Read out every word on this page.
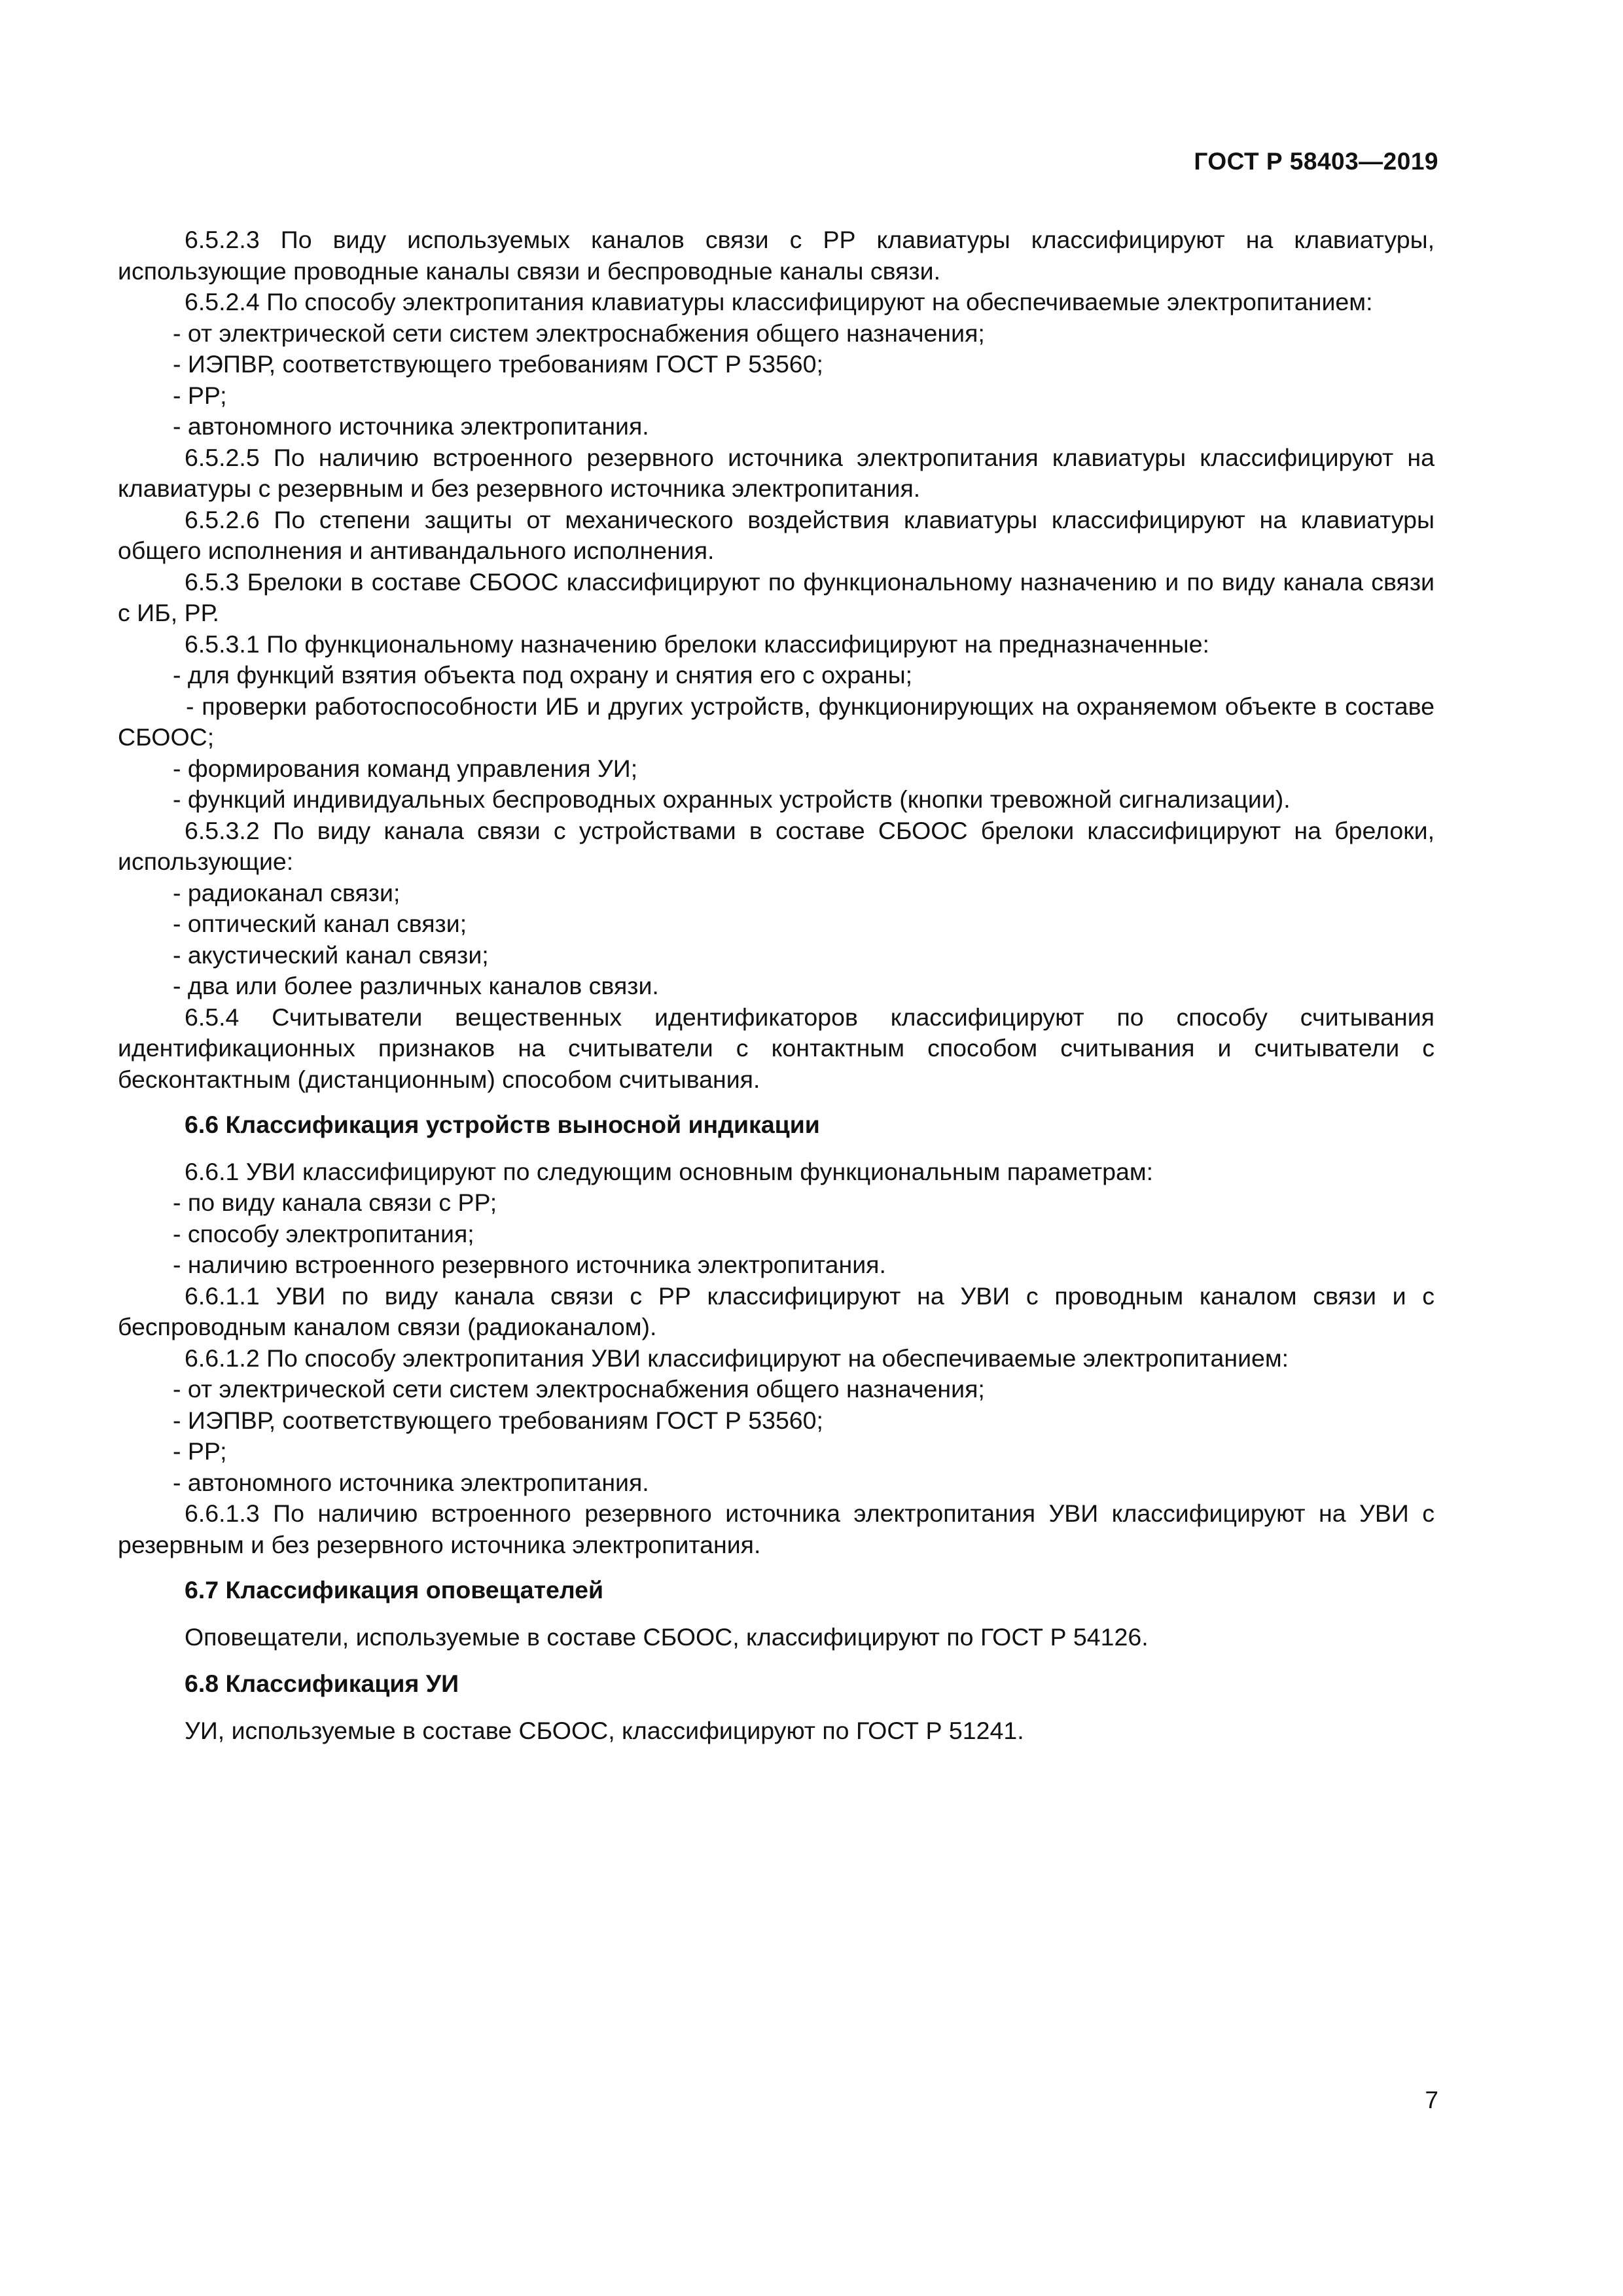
ГОСТ Р 58403—2019

6.5.2.3 По виду используемых каналов связи с РР клавиатуры классифицируют на клавиатуры, использующие проводные каналы связи и беспроводные каналы связи.

6.5.2.4 По способу электропитания клавиатуры классифицируют на обеспечиваемые электропитанием:

- от электрической сети систем электроснабжения общего назначения;

- ИЭПВР, соответствующего требованиям ГОСТ Р 53560;

- РР;

- автономного источника электропитания.

6.5.2.5 По наличию встроенного резервного источника электропитания клавиатуры классифицируют на клавиатуры с резервным и без резервного источника электропитания.

6.5.2.6 По степени защиты от механического воздействия клавиатуры классифицируют на клавиатуры общего исполнения и антивандального исполнения.

6.5.3 Брелоки в составе СБООС классифицируют по функциональному назначению и по виду канала связи с ИБ, РР.

6.5.3.1 По функциональному назначению брелоки классифицируют на предназначенные:

- для функций взятия объекта под охрану и снятия его с охраны;

- проверки работоспособности ИБ и других устройств, функционирующих на охраняемом объекте в составе СБООС;

- формирования команд управления УИ;

- функций индивидуальных беспроводных охранных устройств (кнопки тревожной сигнализации).

6.5.3.2 По виду канала связи с устройствами в составе СБООС брелоки классифицируют на брелоки, использующие:

- радиоканал связи;

- оптический канал связи;

- акустический канал связи;

- два или более различных каналов связи.

6.5.4 Считыватели вещественных идентификаторов классифицируют по способу считывания идентификационных признаков на считыватели с контактным способом считывания и считыватели с бесконтактным (дистанционным) способом считывания.

6.6 Классификация устройств выносной индикации

6.6.1 УВИ классифицируют по следующим основным функциональным параметрам:

- по виду канала связи с РР;

- способу электропитания;

- наличию встроенного резервного источника электропитания.

6.6.1.1 УВИ по виду канала связи с РР классифицируют на УВИ с проводным каналом связи и с беспроводным каналом связи (радиоканалом).

6.6.1.2 По способу электропитания УВИ классифицируют на обеспечиваемые электропитанием:

- от электрической сети систем электроснабжения общего назначения;

- ИЭПВР, соответствующего требованиям ГОСТ Р 53560;

- РР;

- автономного источника электропитания.

6.6.1.3 По наличию встроенного резервного источника электропитания УВИ классифицируют на УВИ с резервным и без резервного источника электропитания.

6.7 Классификация оповещателей

Оповещатели, используемые в составе СБООС, классифицируют по ГОСТ Р 54126.

6.8 Классификация УИ

УИ, используемые в составе СБООС, классифицируют по ГОСТ Р 51241.

7
